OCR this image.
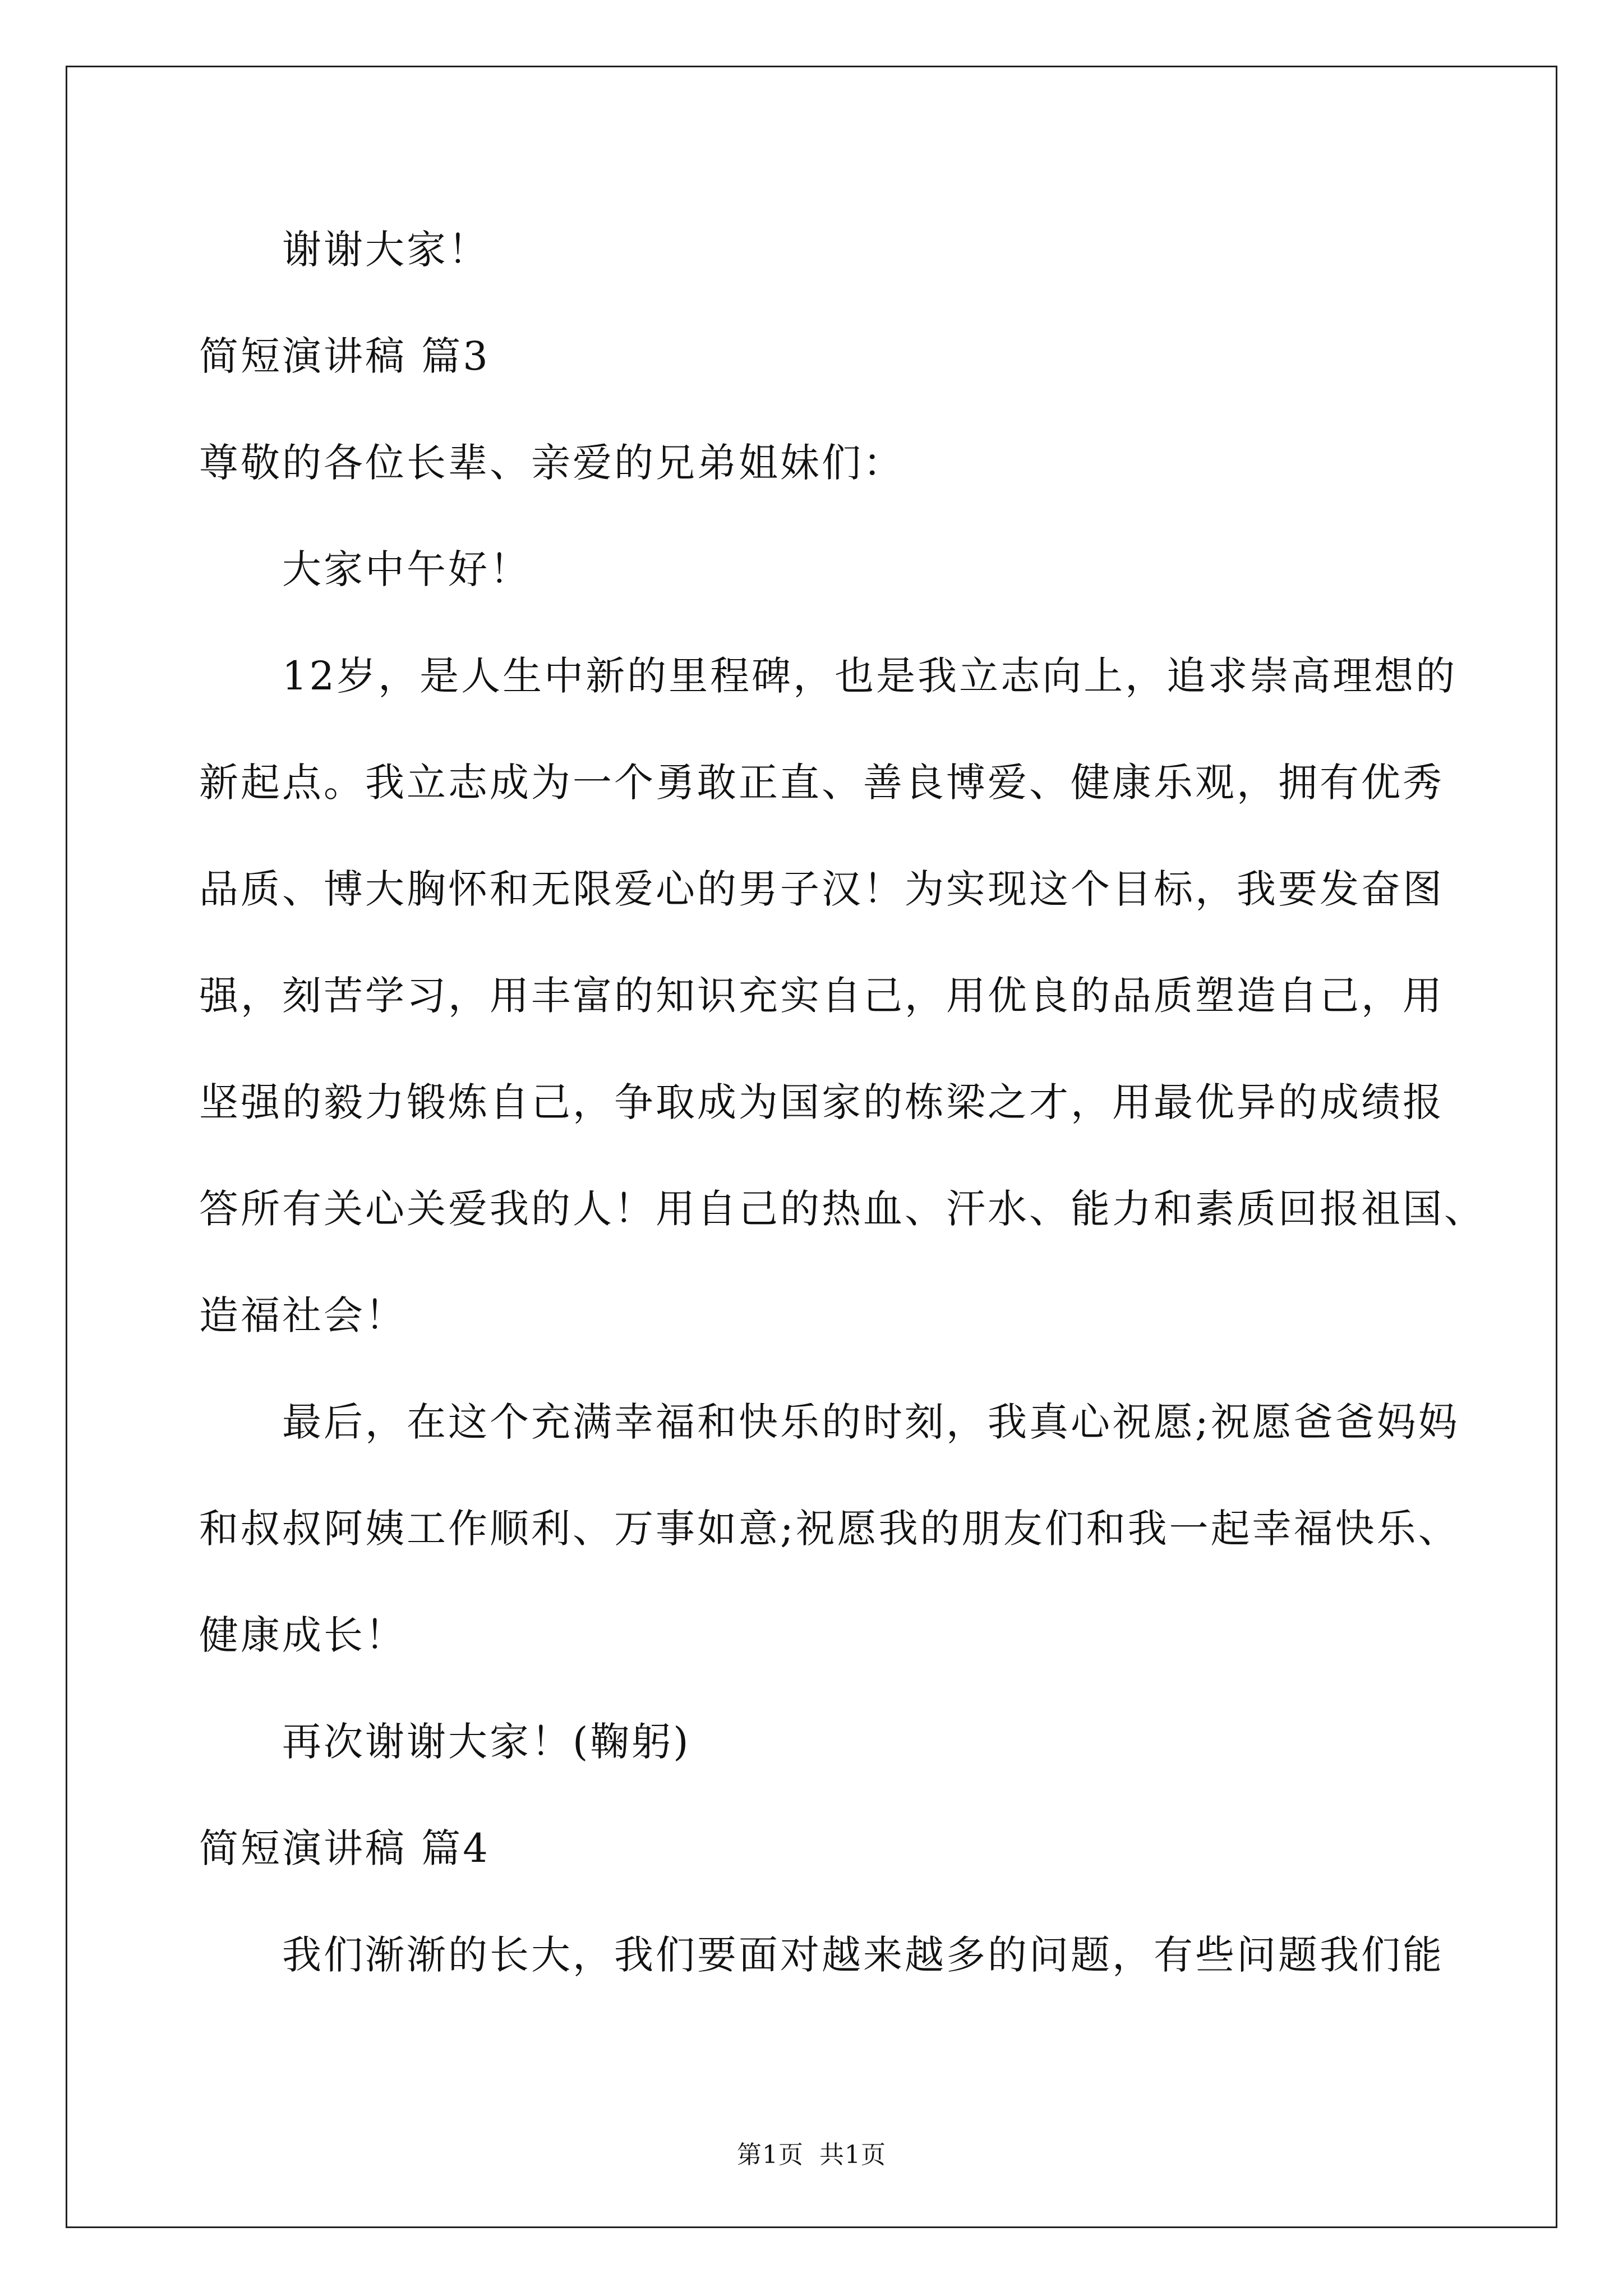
谢谢大家！
简短演讲稿 篇3
尊敬的各位长辈、亲爱的兄弟姐妹们：
大家中午好！
12岁，是人生中新的里程碑，也是我立志向上，追求崇高理想的
新起点。我立志成为一个勇敢正直、善良博爱、健康乐观，拥有优秀
品质、博大胸怀和无限爱心的男子汉！为实现这个目标，我要发奋图
强，刻苦学习，用丰富的知识充实自己，用优良的品质塑造自己，用
坚强的毅力锻炼自己，争取成为国家的栋梁之才，用最优异的成绩报
答所有关心关爱我的人！用自己的热血、汗水、能力和素质回报祖国、
造福社会！
最后，在这个充满幸福和快乐的时刻，我真心祝愿;祝愿爸爸妈妈
和叔叔阿姨工作顺利、万事如意;祝愿我的朋友们和我一起幸福快乐、
健康成长！
再次谢谢大家！(鞠躬)
简短演讲稿 篇4
我们渐渐的长大，我们要面对越来越多的问题，有些问题我们能
第1页 共1页
